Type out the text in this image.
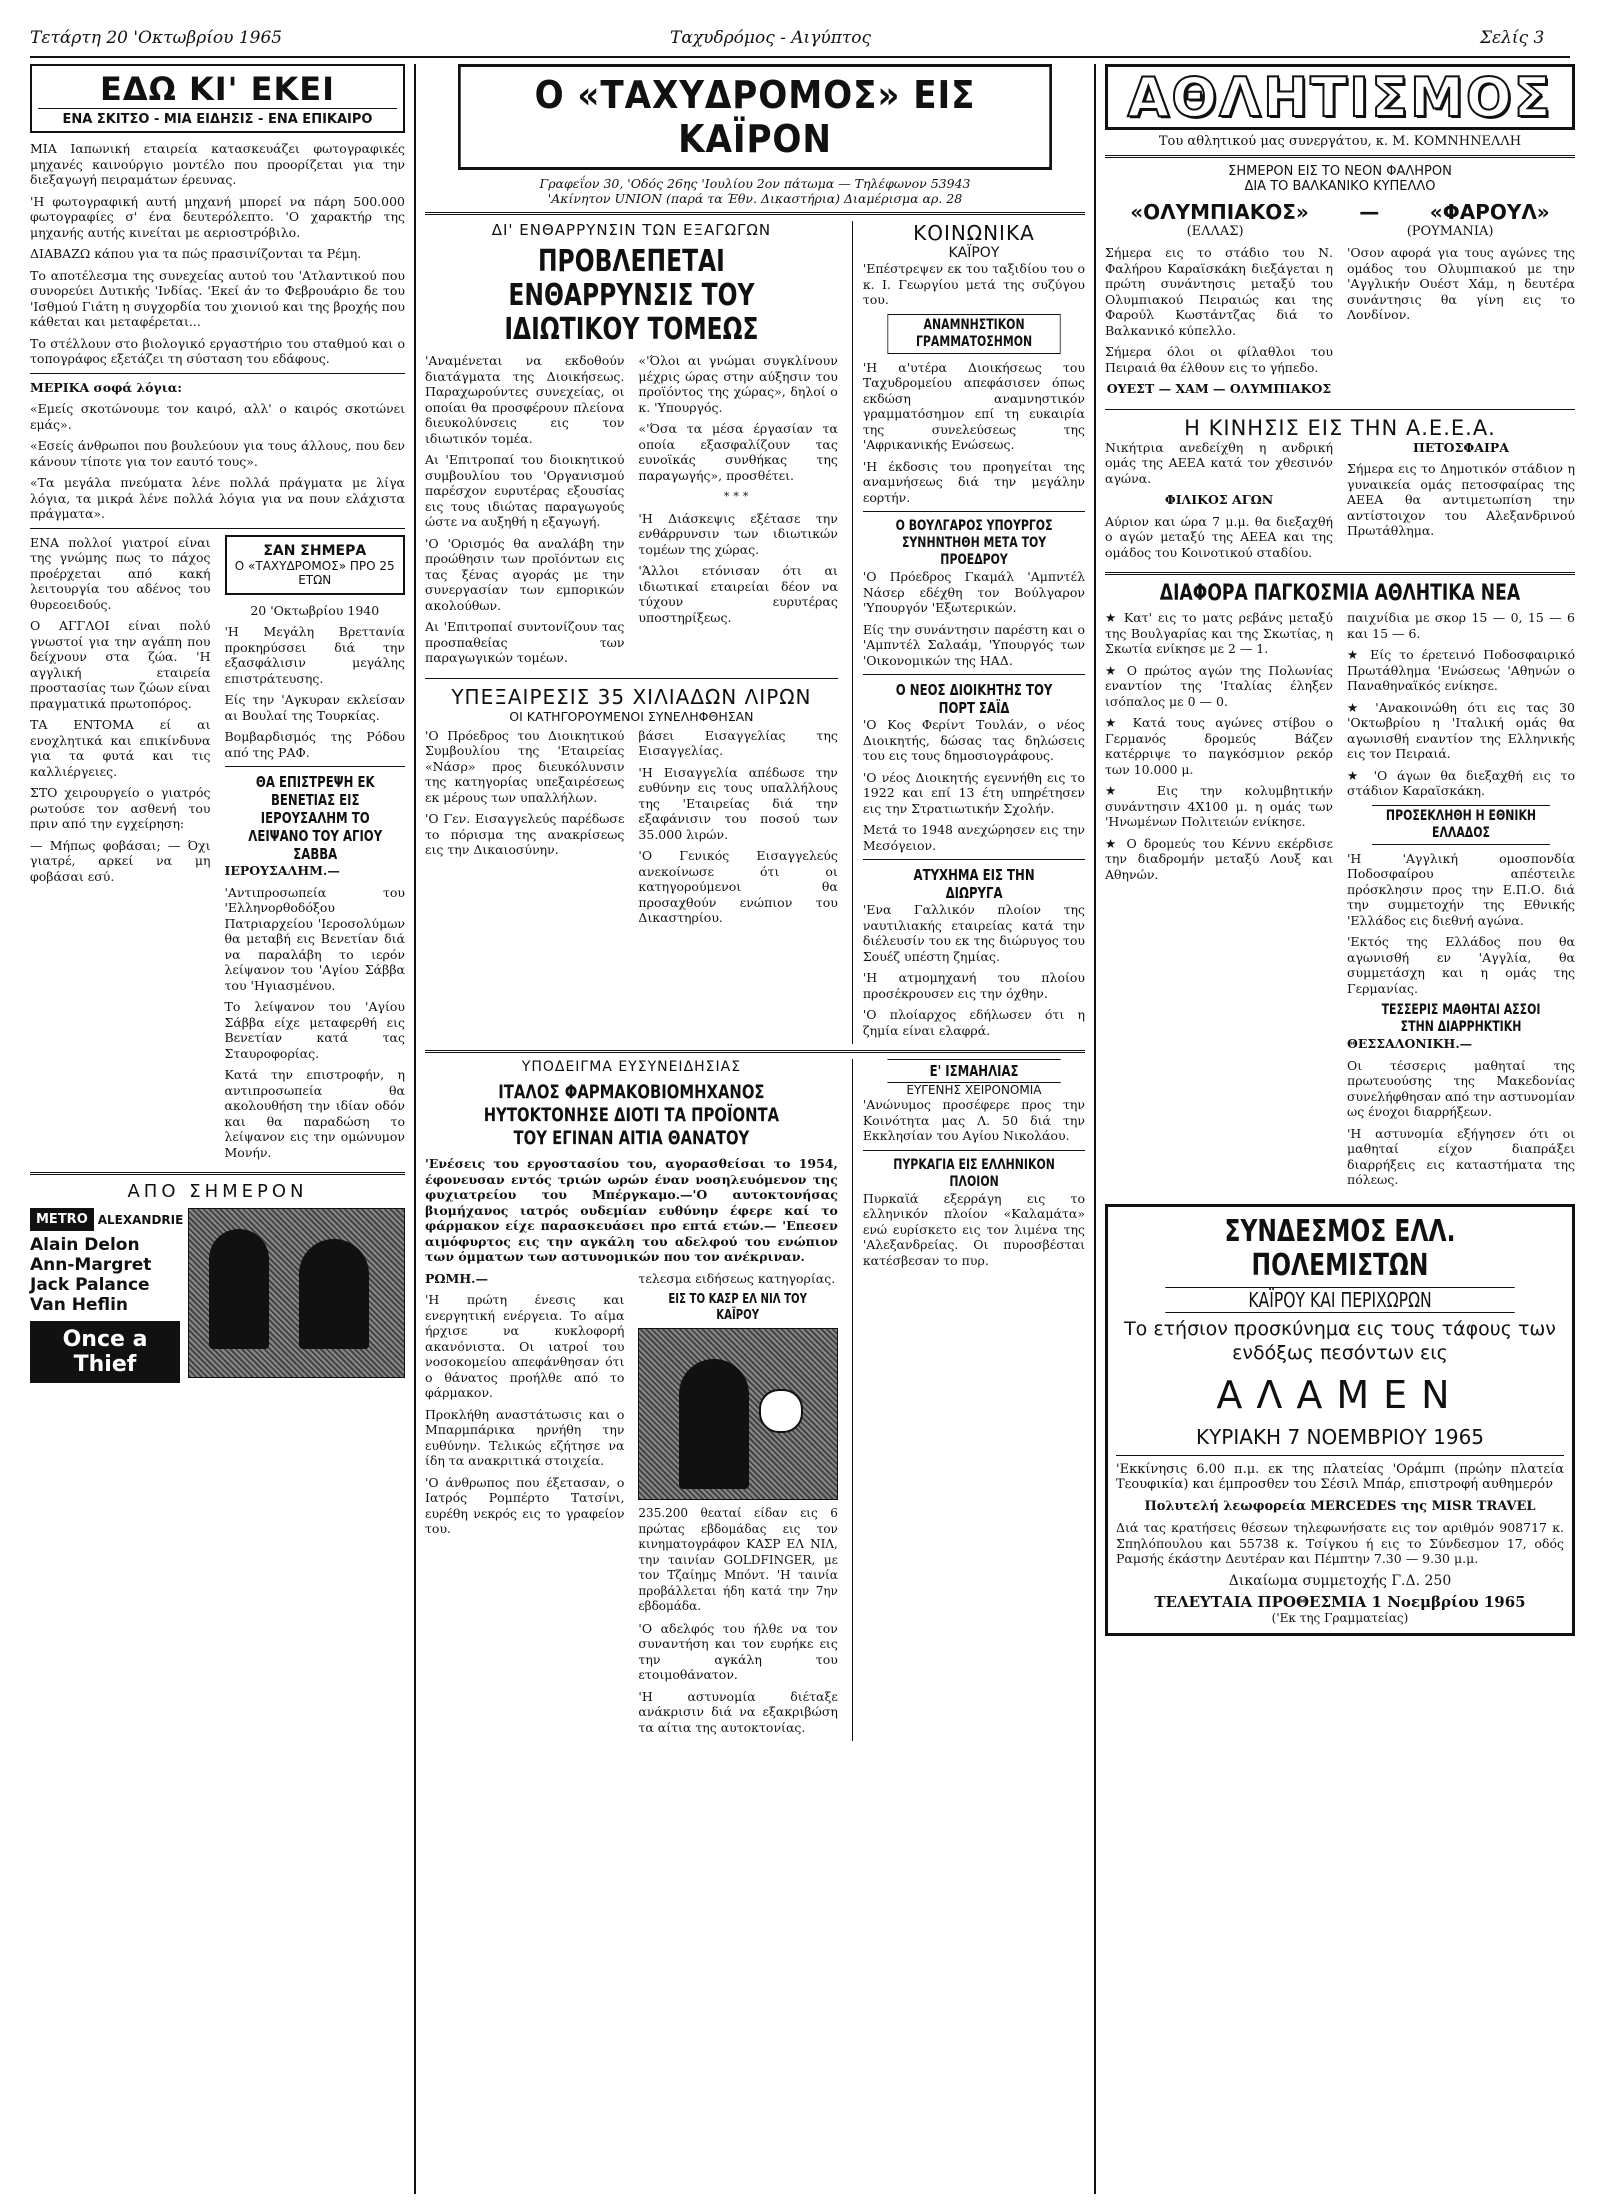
Τετάρτη 20 'Οκτωβρίου 1965	Ταχυδρόμος - Αιγύπτος	Σελίς 3
ΕΔΩ ΚΙ' ΕΚΕΙ
ΕΝΑ ΣΚΙΤΣΟ - ΜΙΑ ΕΙΔΗΣΙΣ - ΕΝΑ ΕΠΙΚΑΙΡΟ

ΜΙΑ Ιαπωνική εταιρεία κατασκευάζει φωτογραφικές μηχανές καινούργιο μοντέλο που προορίζεται για την διεξαγωγή πειραμάτων έρευνας.

'Η φωτογραφική αυτή μηχανή μπορεί να πάρη 500.000 φωτογραφίες σ' ένα δευτερόλεπτο. 'Ο χαρακτήρ της μηχανής αυτής κινείται με αεριοστρόβιλο.

ΔΙΑΒΑΖΩ κάπου για τα πώς πρασινίζονται τα Ρέμη.

Το αποτέλεσμα της συνεχείας αυτού του 'Ατλαντικού που συνορεύει Δυτικής 'Ινδίας. 'Εκεί άν το Φεβρουάριο δε του 'Ισθμού Γιάτη η συγχορδία του χιονιού και της βροχής που κάθεται και μεταφέρεται...

Το στέλλουν στο βιολογικό εργαστήριο του σταθμού και ο τοπογράφος εξετάζει τη σύσταση του εδάφους.

ΜΕΡΙΚΑ σοφά λόγια:

«Εμείς σκοτώνουμε τον καιρό, αλλ' ο καιρός σκοτώνει εμάς».

«Εσείς άνθρωποι που βουλεύουν για τους άλλους, που δεν κάνουν τίποτε για τον εαυτό τους».

«Τα μεγάλα πνεύματα λένε πολλά πράγματα με λίγα λόγια, τα μικρά λένε πολλά λόγια για να πουν ελάχιστα πράγματα».

ΕΝΑ πολλοί γιατροί είναι της γνώμης πως το πάχος προέρχεται από κακή λειτουργία του αδένος του θυρεοειδούς.

Ο ΑΓΓΛΟΙ είναι πολύ γνωστοί για την αγάπη που δείχνουν στα ζώα. 'Η αγγλική εταιρεία προστασίας των ζώων είναι πραγματικά πρωτοπόρος.

ΤΑ ΕΝΤΟΜΑ εί αι ενοχλητικά και επικίνδυνα για τα φυτά και τις καλλιέργειες.

ΣΤΟ χειρουργείο ο γιατρός ρωτούσε τον ασθενή του πριν από την εγχείρηση:

— Μήπως φοβάσαι; — Όχι γιατρέ, αρκεί να μη φοβάσαι εσύ.

ΣΑΝ ΣΗΜΕΡΑ
Ο «ΤΑΧΥΔΡΟΜΟΣ» ΠΡΟ 25 ΕΤΩΝ

20 'Οκτωβρίου 1940

'Η Μεγάλη Βρεττανία προκηρύσσει διά την εξασφάλισιν μεγάλης επιστράτευσης.

Είς την 'Αγκυραν εκλείσαν αι Βουλαί της Τουρκίας.

Βομβαρδισμός της Ρόδου από της ΡΑΦ.

ΘΑ ΕΠΙΣΤΡΕΨΗ ΕΚ ΒΕΝΕΤΙΑΣ ΕΙΣ ΙΕΡΟΥΣΑΛΗΜ ΤΟ ΛΕΙΨΑΝΟ ΤΟΥ ΑΓΙΟΥ ΣΑΒΒΑ

ΙΕΡΟΥΣΑΛΗΜ.—

'Αντιπροσωπεία του 'Ελληνορθοδόξου Πατριαρχείου 'Ιεροσολύμων θα μεταβή εις Βενετίαν διά να παραλάβη το ιερόν λείψανον του 'Αγίου Σάββα του 'Ηγιασμένου.

Το λείψανον του 'Αγίου Σάββα είχε μεταφερθή εις Βενετίαν κατά τας Σταυροφορίας.

Κατά την επιστροφήν, η αντιπροσωπεία θα ακολουθήση την ιδίαν οδόν και θα παραδώση το λείψανον εις την ομώνυμον Μονήν.

ΑΠΟ ΣΗΜΕΡΟΝ
METRO ALEXANDRIE
Alain Delon
Ann-Margret
Jack Palance
Van Heflin
Once a Thief
Ο «ΤΑΧΥΔΡΟΜΟΣ» ΕΙΣ ΚΑΪΡΟΝ
Γραφεΐον 30, 'Οδός 26ης 'Ιουλίου 2ον πάτωμα — Τηλέφωνον 53943
'Ακίνητον UNION (παρά τα Έθν. Δικαστήρια) Διαμέρισμα αρ. 28
ΔΙ' ΕΝΘΑΡΡΥΝΣΙΝ ΤΩΝ ΕΞΑΓΩΓΩΝ
ΠΡΟΒΛΕΠΕΤΑΙ ΕΝΘΑΡΡΥΝΣΙΣ ΤΟΥ ΙΔΙΩΤΙΚΟΥ ΤΟΜΕΩΣ

'Αναμένεται να εκδοθούν διατάγματα της Διοικήσεως. Παραχωρούντες συνεχείας, οι οποίαι θα προσφέρουν πλείονα διευκολύνσεις εις τον ιδιωτικόν τομέα.

Αι 'Επιτροπαί του διοικητικού συμβουλίου του 'Οργανισμού παρέσχον ευρυτέρας εξουσίας εις τους ιδιώτας παραγωγούς ώστε να αυξηθή η εξαγωγή.

'Ο 'Ορισμός θα αναλάβη την προώθησιν των προϊόντων εις τας ξένας αγοράς με την συνεργασίαν των εμπορικών ακολούθων.

Αι 'Επιτροπαί συντονίζουν τας προσπαθείας των παραγωγικών τομέων.

«'Όλοι αι γνώμαι συγκλίνουν μέχρις ώρας στην αύξησιν του προϊόντος της χώρας», δηλοί ο κ. 'Υπουργός.

«'Όσα τα μέσα έργασίαν τα οποία εξασφαλίζουν τας ευνοϊκάς συνθήκας της παραγωγής», προσθέτει.

***

'Η Διάσκεψις εξέτασε την ενθάρρυνσιν των ιδιωτικών τομέων της χώρας.

'Άλλοι ετόνισαν ότι αι ιδιωτικαί εταιρείαι δέον να τύχουν ευρυτέρας υποστηρίξεως.

ΥΠΕΞΑΙΡΕΣΙΣ 35 ΧΙΛΙΑΔΩΝ ΛΙΡΩΝ
ΟΙ ΚΑΤΗΓΟΡΟΥΜΕΝΟΙ ΣΥΝΕΛΗΦΘΗΣΑΝ

'Ο Πρόεδρος του Διοικητικού Συμβουλίου της 'Εταιρείας «Νάσρ» προς διευκόλυνσιν της κατηγορίας υπεξαιρέσεως εκ μέρους των υπαλλήλων.

'Ο Γεν. Εισαγγελεύς παρέδωσε το πόρισμα της ανακρίσεως εις την Δικαιοσύνην.

βάσει Εισαγγελίας της Εισαγγελίας.

'Η Εισαγγελία απέδωσε την ευθύνην εις τους υπαλλήλους της 'Εταιρείας διά την εξαφάνισιν του ποσού των 35.000 λιρών.

'Ο Γενικός Εισαγγελεύς ανεκοίνωσε ότι οι κατηγορούμενοι θα προσαχθούν ενώπιον του Δικαστηρίου.

ΚΟΙΝΩΝΙΚΑ
ΚΑΪΡΟΥ

'Επέστρεψεν εκ του ταξιδίου του ο κ. Ι. Γεωργίου μετά της συζύγου του.

ΑΝΑΜΝΗΣΤΙΚΟΝ ΓΡΑΜΜΑΤΟΣΗΜΟΝ

'Η α'υτέρα Διοικήσεως του Ταχυδρομείου απεφάσισεν όπως εκδώση αναμνηστικόν γραμματόσημον επί τη ευκαιρία της συνελεύσεως της 'Αφρικανικής Ενώσεως.

'Η έκδοσις του προηγείται της αναμνήσεως διά την μεγάλην εορτήν.

Ο ΒΟΥΛΓΑΡΟΣ ΥΠΟΥΡΓΟΣ ΣΥΝΗΝΤΗΘΗ ΜΕΤΑ ΤΟΥ ΠΡΟΕΔΡΟΥ

'Ο Πρόεδρος Γκαμάλ 'Αμπντέλ Νάσερ εδέχθη τον Βούλγαρον 'Υπουργόν 'Εξωτερικών.

Είς την συνάντησιν παρέστη και ο 'Αμπντέλ Σαλαάμ, 'Υπουργός των 'Οικονομικών της ΗΑΔ.

Ο ΝΕΟΣ ΔΙΟΙΚΗΤΗΣ ΤΟΥ ΠΟΡΤ ΣΑΪΔ

'Ο Κος Φερίντ Τουλάν, ο νέος Διοικητής, δώσας τας δηλώσεις του εις τους δημοσιογράφους.

'Ο νέος Διοικητής εγεννήθη εις το 1922 και επί 13 έτη υπηρέτησεν εις την Στρατιωτικήν Σχολήν.

Μετά το 1948 ανεχώρησεν εις την Μεσόγειον.

ΑΤΥΧΗΜΑ ΕΙΣ ΤΗΝ ΔΙΩΡΥΓΑ

'Ενα Γαλλικόν πλοίον της ναυτιλιακής εταιρείας κατά την διέλευσίν του εκ της διώρυγος του Σουέζ υπέστη ζημίας.

'Η ατμομηχανή του πλοίου προσέκρουσεν εις την όχθην.

'Ο πλοίαρχος εδήλωσεν ότι η ζημία είναι ελαφρά.

ΥΠΟΔΕΙΓΜΑ ΕΥΣΥΝΕΙΔΗΣΙΑΣ
ΙΤΑΛΟΣ ΦΑΡΜΑΚΟΒΙΟΜΗΧΑΝΟΣ ΗΥΤΟΚΤΟΝΗΣΕ ΔΙΟΤΙ ΤΑ ΠΡΟΪΟΝΤΑ ΤΟΥ ΕΓΙΝΑΝ ΑΙΤΙΑ ΘΑΝΑΤΟΥ

'Ενέσεις του εργοστασίου του, αγορασθείσαι το 1954, έφονευσαν εντός τριών ωρών έναν νοσηλευόμενον της φυχιατρείου του Μπέργκαμο.—'Ο αυτοκτονήσας βιομήχανος ιατρός ουδεμίαν ευθύνην έφερε καί το φάρμακον είχε παρασκευάσει προ επτά ετών.— 'Επεσεν αιμόφυρτος εις την αγκάλη του αδελφού του ενώπιον των όμματων των αστυνομικών που τον ανέκριναν.

ΡΩΜΗ.—

'Η πρώτη ένεσις και ενεργητική ενέργεια. Το αίμα ήρχισε να κυκλοφορή ακανόνιστα. Οι ιατροί του νοσοκομείου απεφάνθησαν ότι ο θάνατος προήλθε από το φάρμακον.

Προκλήθη αναστάτωσις και ο Μπαρμπάρικα ηρνήθη την ευθύνην. Τελικώς εζήτησε να ίδη τα ανακριτικά στοιχεία.

'Ο άνθρωπος που έξετασαν, ο Ιατρός Ρομπέρτο Τατσίνι, ευρέθη νεκρός εις το γραφείον του.

τελεσμα ειδήσεως κατηγορίας.

ΕΙΣ ΤΟ ΚΑΣΡ ΕΛ ΝΙΛ ΤΟΥ ΚΑΪΡΟΥ

235.200 θεαταί είδαν εις 6 πρώτας εβδομάδας εις τον κινηματογράφον ΚΑΣΡ ΕΛ ΝΙΛ, την ταινίαν GOLDFINGER, με τον Τζαίημς Μπόντ. 'Η ταινία προβάλλεται ήδη κατά την 7ην εβδομάδα.

'Ο αδελφός του ήλθε να τον συναντήση και τον ευρήκε εις την αγκάλη του ετοιμοθάνατον.

'Η αστυνομία διέταξε ανάκρισιν διά να εξακριβώση τα αίτια της αυτοκτονίας.

Ε' ΙΣΜΑΗΛΙΑΣ
ΕΥΓΕΝΗΣ ΧΕΙΡΟΝΟΜΙΑ

'Ανώνυμος προσέφερε προς την Κοινότητα μας Λ. 50 διά την Εκκλησίαν του Αγίου Νικολάου.

ΠΥΡΚΑΓΙΑ ΕΙΣ ΕΛΛΗΝΙΚΟΝ ΠΛΟΙΟΝ

Πυρκαϊά εξερράγη εις το ελληνικόν πλοίον «Καλαμάτα» ενώ ευρίσκετο εις τον λιμένα της 'Αλεξανδρείας. Οι πυροσβέσται κατέσβεσαν το πυρ.

ΑΘΛΗΤΙΣΜΟΣ
Του αθλητικού μας συνεργάτου, κ. Μ. ΚΟΜΝΗΝΕΛΛΗ
ΣΗΜΕΡΟΝ ΕΙΣ ΤΟ ΝΕΟΝ ΦΑΛΗΡΟΝ
ΔΙΑ ΤΟ ΒΑΛΚΑΝΙΚΟ ΚΥΠΕΛΛΟ
«ΟΛΥΜΠΙΑΚΟΣ»	—	«ΦΑΡΟΥΛ»
(ΕΛΛΑΣ)	(ΡΟΥΜΑΝΙΑ)

Σήμερα εις το στάδιο του Ν. Φαλήρου Καραϊσκάκη διεξάγεται η πρώτη συνάντησις μεταξύ του Ολυμπιακού Πειραιώς και της Φαρούλ Κωστάντζας διά το Βαλκανικό κύπελλο.

Σήμερα όλοι οι φίλαθλοι του Πειραιά θα έλθουν εις το γήπεδο.

ΟΥΕΣΤ — ΧΑΜ — ΟΛΥΜΠΙΑΚΟΣ

'Οσον αφορά για τους αγώνες της ομάδος του Ολυμπιακού με την 'Αγγλικήν Ουέστ Χάμ, η δευτέρα συνάντησις θα γίνη εις το Λονδίνον.

Η ΚΙΝΗΣΙΣ ΕΙΣ ΤΗΝ Α.Ε.Ε.Α.

Νικήτρια ανεδείχθη η ανδρική ομάς της ΑΕΕΑ κατά τον χθεσινόν αγώνα.

ΦΙΛΙΚΟΣ ΑΓΩΝ

Αύριον και ώρα 7 μ.μ. θα διεξαχθή ο αγών μεταξύ της ΑΕΕΑ και της ομάδος του Κοινοτικού σταδίου.

ΠΕΤΟΣΦΑΙΡΑ

Σήμερα εις το Δημοτικόν στάδιον η γυναικεία ομάς πετοσφαίρας της ΑΕΕΑ θα αντιμετωπίση την αντίστοιχον του Αλεξανδρινού Πρωτάθλημα.

ΔΙΑΦΟΡΑ ΠΑΓΚΟΣΜΙΑ ΑΘΛΗΤΙΚΑ ΝΕΑ

★ Κατ' εις το ματς ρεβάνς μεταξύ της Βουλγαρίας και της Σκωτίας, η Σκωτία ενίκησε με 2 — 1.

★ Ο πρώτος αγών της Πολωνίας εναντίον της 'Ιταλίας έληξεν ισόπαλος με 0 — 0.

★ Κατά τους αγώνες στίβου ο Γερμανός δρομεύς Βάζεν κατέρριψε το παγκόσμιον ρεκόρ των 10.000 μ.

★ Εις την κολυμβητικήν συνάντησιν 4Χ100 μ. η ομάς των 'Ηνωμένων Πολιτειών ενίκησε.

★ Ο δρομεύς του Κέννυ εκέρδισε την διαδρομήν μεταξύ Λουξ και Αθηνών.

παιχνίδια με σκορ 15 — 0, 15 — 6 και 15 — 6.

★ Είς το έρετεινό Ποδοσφαιρικό Πρωτάθλημα 'Ενώσεως 'Αθηνών ο Παναθηναϊκός ενίκησε.

★ 'Ανακοινώθη ότι εις τας 30 'Οκτωβρίου η 'Ιταλική ομάς θα αγωνισθή εναντίον της Ελληνικής εις τον Πειραιά.

★ 'Ο άγων θα διεξαχθή εις το στάδιον Καραϊσκάκη.

ΠΡΟΣΕΚΛΗΘΗ Η ΕΘΝΙΚΗ ΕΛΛΑΔΟΣ

'Η 'Αγγλική ομοσπονδία Ποδοσφαίρου απέστειλε πρόσκλησιν προς την Ε.Π.Ο. διά την συμμετοχήν της Εθνικής 'Ελλάδος εις διεθνή αγώνα.

'Εκτός της Ελλάδος που θα αγωνισθή εν 'Αγγλία, θα συμμετάσχη και η ομάς της Γερμανίας.

ΤΕΣΣΕΡΙΣ ΜΑΘΗΤΑΙ ΑΣΣΟΙ ΣΤΗΝ ΔΙΑΡΡΗΚΤΙΚΗ

ΘΕΣΣΑΛΟΝΙΚΗ.—

Οι τέσσερις μαθηταί της πρωτευούσης της Μακεδονίας συνελήφθησαν από την αστυνομίαν ως ένοχοι διαρρήξεων.

'Η αστυνομία εξήγησεν ότι οι μαθηταί είχον διαπράξει διαρρήξεις εις καταστήματα της πόλεως.

ΣΥΝΔΕΣΜΟΣ ΕΛΛ. ΠΟΛΕΜΙΣΤΩΝ
ΚΑΪΡΟΥ ΚΑΙ ΠΕΡΙΧΩΡΩΝ
Το ετήσιον προσκύνημα εις τους τάφους των ενδόξως πεσόντων εις
ΑΛΑΜΕΝ
ΚΥΡΙΑΚΗ 7 ΝΟΕΜΒΡΙΟΥ 1965

'Εκκίνησις 6.00 π.μ. εκ της πλατείας 'Οράμπι (πρώην πλατεία Τεουφικία) και έμπροσθεν του Σέσιλ Μπάρ, επιστροφή αυθημερόν

Πολυτελή λεωφορεία MERCEDES της MISR TRAVEL

Διά τας κρατήσεις θέσεων τηλεφωνήσατε εις τον αριθμόν 908717 κ. Σπηλόπουλου και 55738 κ. Τσίγκου ή εις το Σύνδεσμον 17, οδός Ραμσής έκάστην Δευτέραν και Πέμπτην 7.30 — 9.30 μ.μ.

Δικαίωμα συμμετοχής Γ.Δ. 250
ΤΕΛΕΥΤΑΙΑ ΠΡΟΘΕΣΜΙΑ 1 Νοεμβρίου 1965
('Εκ της Γραμματείας)
